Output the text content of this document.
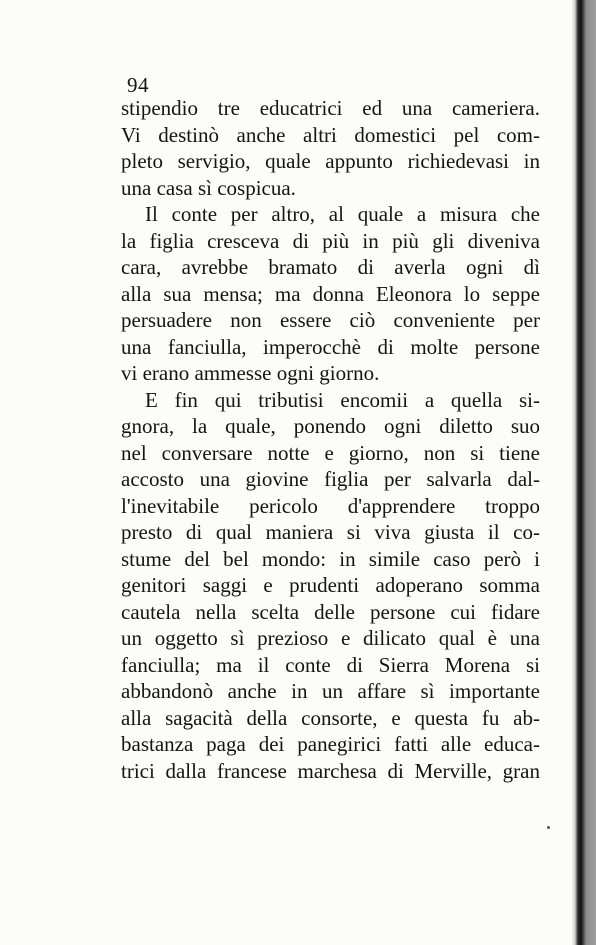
94
stipendio tre educatrici ed una cameriera.
Vi destinò anche altri domestici pel com-
pleto servigio, quale appunto richiedevasi in
una casa sì cospicua.
Il conte per altro, al quale a misura che
la figlia cresceva di più in più gli diveniva
cara, avrebbe bramato di averla ogni dì
alla sua mensa; ma donna Eleonora lo seppe
persuadere non essere ciò conveniente per
una fanciulla, imperocchè di molte persone
vi erano ammesse ogni giorno.
E fin qui tributisi encomii a quella si-
gnora, la quale, ponendo ogni diletto suo
nel conversare notte e giorno, non si tiene
accosto una giovine figlia per salvarla dal-
l'inevitabile pericolo d'apprendere troppo
presto di qual maniera si viva giusta il co-
stume del bel mondo: in simile caso però i
genitori saggi e prudenti adoperano somma
cautela nella scelta delle persone cui fidare
un oggetto sì prezioso e dilicato qual è una
fanciulla; ma il conte di Sierra Morena si
abbandonò anche in un affare sì importante
alla sagacità della consorte, e questa fu ab-
bastanza paga dei panegirici fatti alle educa-
trici dalla francese marchesa di Merville, gran
